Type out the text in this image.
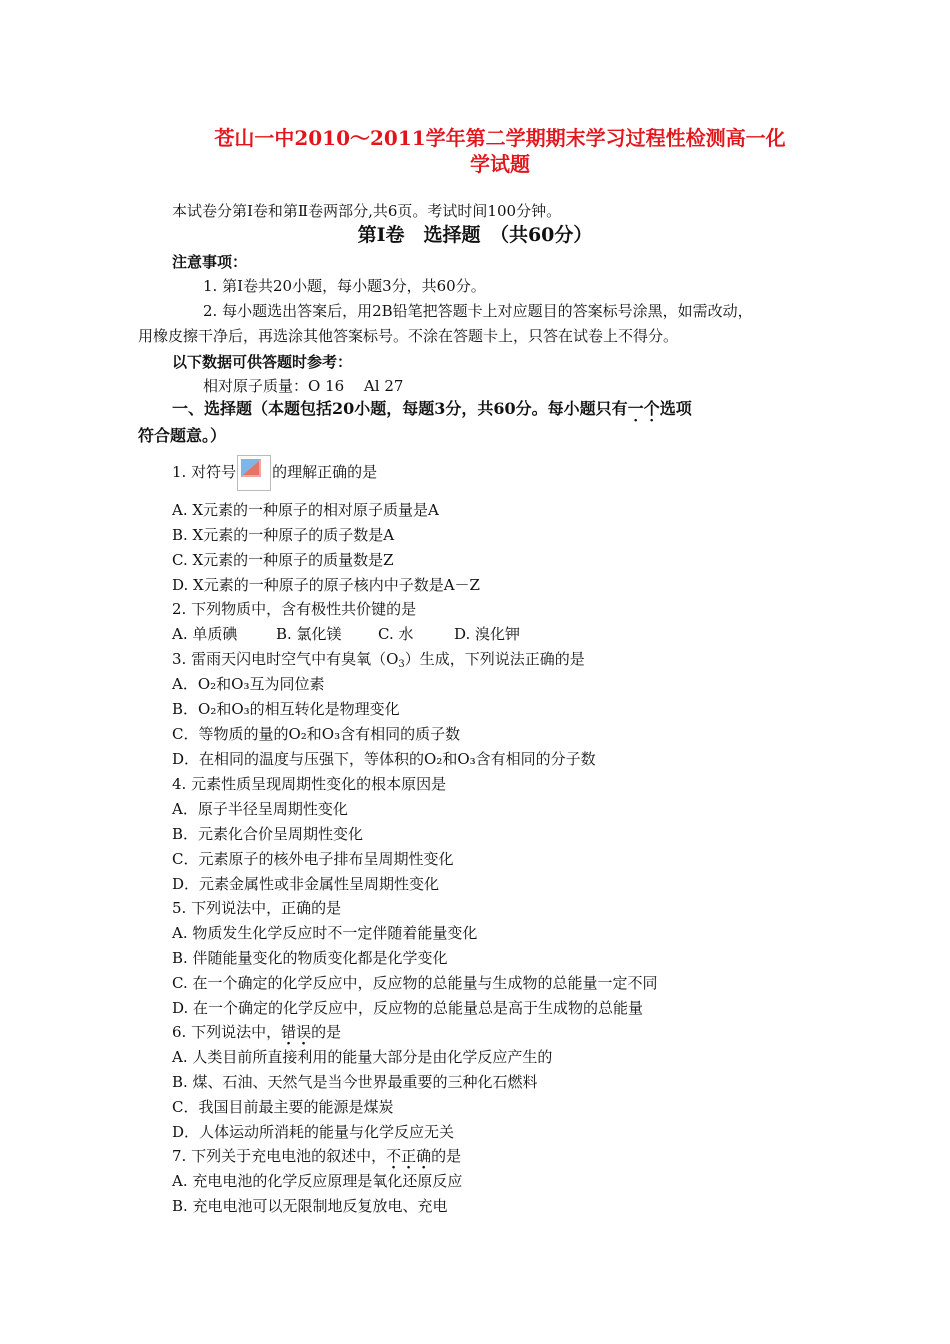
苍山一中2010～2011学年第二学期期末学习过程性检测高一化
学试题
本试卷分第Ⅰ卷和第Ⅱ卷两部分,共6页。考试时间100分钟。
第Ⅰ卷　选择题　（共60分）
注意事项：
1. 第Ⅰ卷共20小题，每小题3分，共60分。
2. 每小题选出答案后，用2B铅笔把答题卡上对应题目的答案标号涂黑，如需改动，
用橡皮擦干净后，再选涂其他答案标号。不涂在答题卡上，只答在试卷上不得分。
以下数据可供答题时参考：
相对原子质量：O 16　 Al 27
一、选择题（本题包括20小题，每题3分，共60分。每小题只有一个选项
符合题意。）
1. 对符号 的理解正确的是
A. X元素的一种原子的相对原子质量是A
B. X元素的一种原子的质子数是A
C. X元素的一种原子的质量数是Z
D. X元素的一种原子的原子核内中子数是A－Z
2. 下列物质中，含有极性共价键的是
A. 单质碘	B. 氯化镁 C. 水	D. 溴化钾
3. 雷雨天闪电时空气中有臭氧$(O_3)$生成，下列说法正确的是
A．O₂和O₃互为同位素
B．O₂和O₃的相互转化是物理变化
C．等物质的量的O₂和O₃含有相同的质子数
D．在相同的温度与压强下，等体积的O₂和O₃含有相同的分子数
4. 元素性质呈现周期性变化的根本原因是
A．原子半径呈周期性变化
B．元素化合价呈周期性变化
C．元素原子的核外电子排布呈周期性变化
D．元素金属性或非金属性呈周期性变化
5. 下列说法中，正确的是
A. 物质发生化学反应时不一定伴随着能量变化
B. 伴随能量变化的物质变化都是化学变化
C. 在一个确定的化学反应中，反应物的总能量与生成物的总能量一定不同
D. 在一个确定的化学反应中，反应物的总能量总是高于生成物的总能量
6. 下列说法中，错误的是
A. 人类目前所直接利用的能量大部分是由化学反应产生的
B. 煤、石油、天然气是当今世界最重要的三种化石燃料
C．我国目前最主要的能源是煤炭
D．人体运动所消耗的能量与化学反应无关
7. 下列关于充电电池的叙述中，不正确的是
A. 充电电池的化学反应原理是氧化还原反应
B. 充电电池可以无限制地反复放电、充电
